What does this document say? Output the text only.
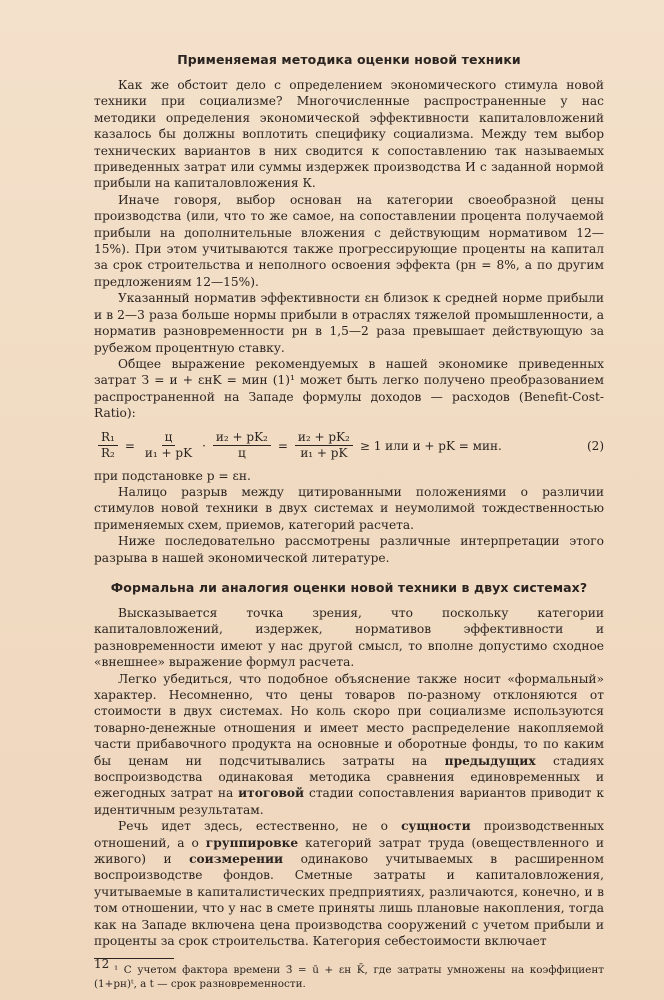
Применяемая методика оценки новой техники

Как же обстоит дело с определением экономического стимула новой техники при социализме? Многочисленные распространенные у нас методики определения экономической эффективности капиталовложений казалось бы должны воплотить специфику социализма. Между тем выбор технических вариантов в них сводится к сопоставлению так называемых приведенных затрат или суммы издержек производства И с заданной нормой прибыли на капиталовложения К.

Иначе говоря, выбор основан на категории своеобразной цены производства (или, что то же самое, на сопоставлении процента получаемой прибыли на дополнительные вложения с действующим нормативом 12—15%). При этом учитываются также прогрессирующие проценты на капитал за срок строительства и неполного освоения эффекта (pн = 8%, а по другим предложениям 12—15%).

Указанный норматив эффективности εн близок к средней норме прибыли и в 2—3 раза больше нормы прибыли в отраслях тяжелой промышленности, а норматив разновременности pн в 1,5—2 раза превышает действующую за рубежом процентную ставку.

Общее выражение рекомендуемых в нашей экономике приведенных затрат З = и + εнK = мин (1)¹ может быть легко получено преобразованием распространенной на Западе формулы доходов — расходов (Benefit-Cost-Ratio):

$\frac{\text{R₁}}{\text{R₂}} = \frac{ц}{\text{и₁ + pK}} \cdot \frac{\text{и₂ + pK₂}}{ц} = \frac{\text{и₂ + pK₂}}{\text{и₁ + pK}} \ge 1$ или и + pK = мин.	(2)

при подстановке p = εн.

Налицо разрыв между цитированными положениями о различии стимулов новой техники в двух системах и неумолимой тождественностью применяемых схем, приемов, категорий расчета.

Ниже последовательно рассмотрены различные интерпретации этого разрыва в нашей экономической литературе.

Формальна ли аналогия оценки новой техники в двух системах?

Высказывается точка зрения, что поскольку категории капиталовложений, издержек, нормативов эффективности и разновременности имеют у нас другой смысл, то вполне допустимо сходное «внешнее» выражение формул расчета.

Легко убедиться, что подобное объяснение также носит «формальный» характер. Несомненно, что цены товаров по-разному отклоняются от стоимости в двух системах. Но коль скоро при социализме используются товарно-денежные отношения и имеет место распределение накопляемой части прибавочного продукта на основные и оборотные фонды, то по каким бы ценам ни подсчитывались затраты на предыдущих стадиях воспроизводства одинаковая методика сравнения единовременных и ежегодных затрат на итоговой стадии сопоставления вариантов приводит к идентичным результатам.

Речь идет здесь, естественно, не о сущности производственных отношений, а о группировке категорий затрат труда (овеществленного и живого) и соизмерении одинаково учитываемых в расширенном воспроизводстве фондов. Сметные затраты и капиталовложения, учитываемые в капиталистических предприятиях, различаются, конечно, и в том отношении, что у нас в смете приняты лишь плановые накопления, тогда как на Западе включена цена производства сооружений с учетом прибыли и проценты за срок строительства. Категория себестоимости включает

¹ С учетом фактора времени З̄ = ū + εн K̄, где затраты умножены на коэффициент (1+pн)ᵗ, а t — срок разновременности.

12
